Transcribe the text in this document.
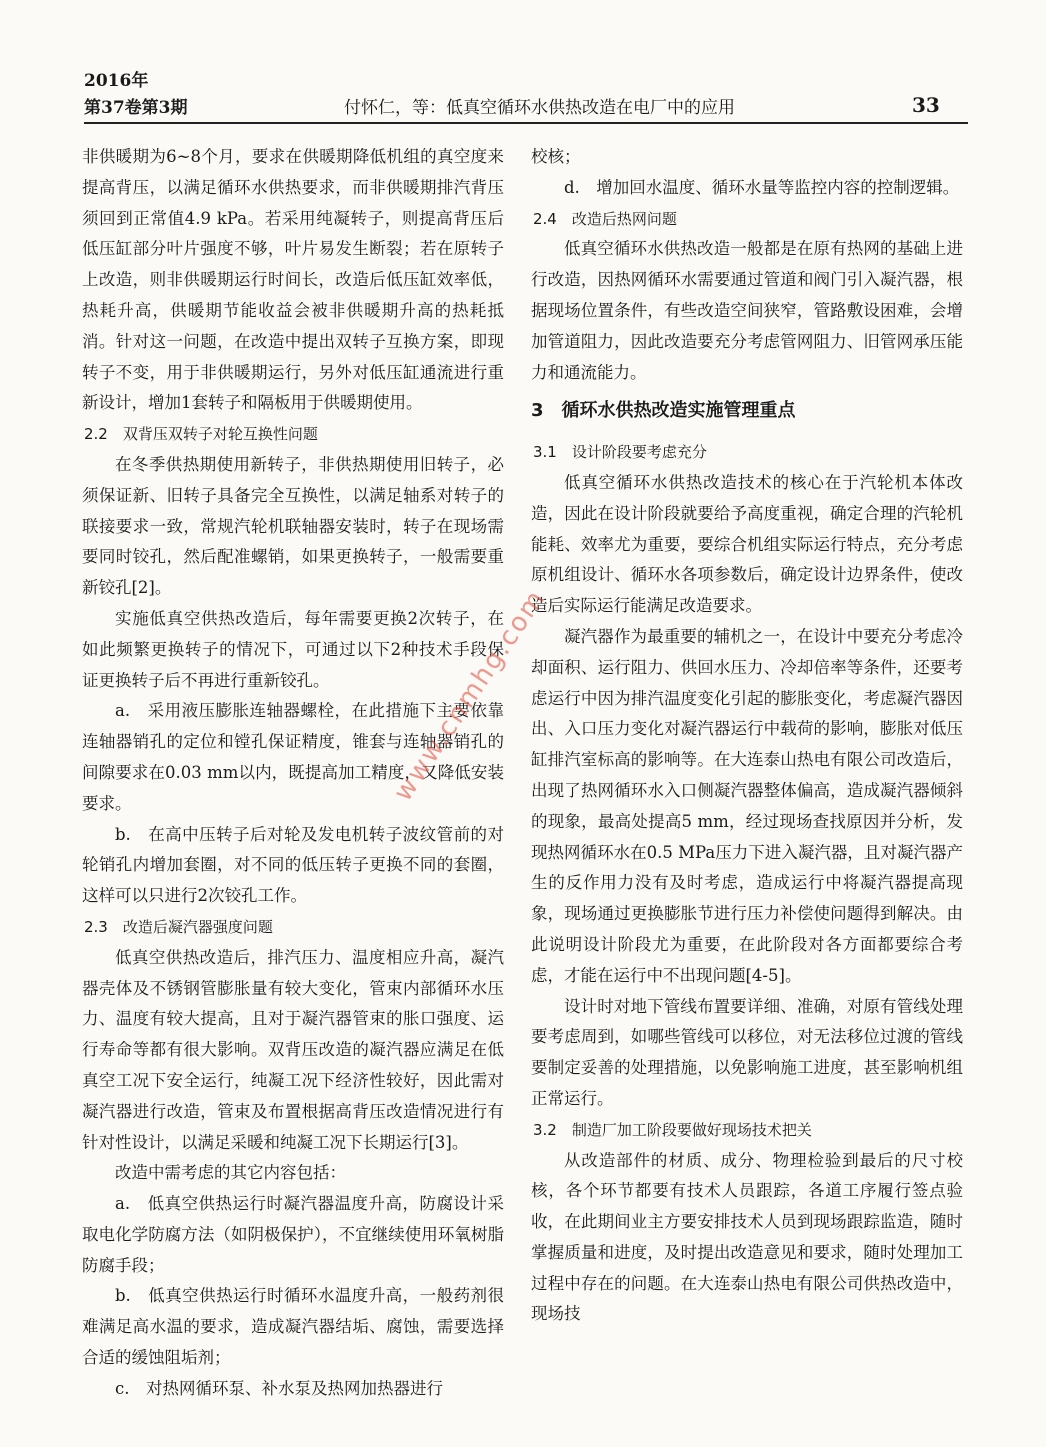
2016年
第37卷第3期	付怀仁，等：低真空循环水供热改造在电厂中的应用	33

非供暖期为6~8个月，要求在供暖期降低机组的真空度来提高背压，以满足循环水供热要求，而非供暖期排汽背压须回到正常值4.9 kPa。若采用纯凝转子，则提高背压后低压缸部分叶片强度不够，叶片易发生断裂；若在原转子上改造，则非供暖期运行时间长，改造后低压缸效率低，热耗升高，供暖期节能收益会被非供暖期升高的热耗抵消。针对这一问题，在改造中提出双转子互换方案，即现转子不变，用于非供暖期运行，另外对低压缸通流进行重新设计，增加1套转子和隔板用于供暖期使用。

2.2　双背压双转子对轮互换性问题

在冬季供热期使用新转子，非供热期使用旧转子，必须保证新、旧转子具备完全互换性，以满足轴系对转子的联接要求一致，常规汽轮机联轴器安装时，转子在现场需要同时铰孔，然后配准螺销，如果更换转子，一般需要重新铰孔[2]。

实施低真空供热改造后，每年需要更换2次转子，在如此频繁更换转子的情况下，可通过以下2种技术手段保证更换转子后不再进行重新铰孔。

a.　采用液压膨胀连轴器螺栓，在此措施下主要依靠连轴器销孔的定位和镗孔保证精度，锥套与连轴器销孔的间隙要求在0.03 mm以内，既提高加工精度，又降低安装要求。

b.　在高中压转子后对轮及发电机转子波纹管前的对轮销孔内增加套圈，对不同的低压转子更换不同的套圈，这样可以只进行2次铰孔工作。

2.3　改造后凝汽器强度问题

低真空供热改造后，排汽压力、温度相应升高，凝汽器壳体及不锈钢管膨胀量有较大变化，管束内部循环水压力、温度有较大提高，且对于凝汽器管束的胀口强度、运行寿命等都有很大影响。双背压改造的凝汽器应满足在低真空工况下安全运行，纯凝工况下经济性较好，因此需对凝汽器进行改造，管束及布置根据高背压改造情况进行有针对性设计，以满足采暖和纯凝工况下长期运行[3]。

改造中需考虑的其它内容包括：

a.　低真空供热运行时凝汽器温度升高，防腐设计采取电化学防腐方法（如阴极保护），不宜继续使用环氧树脂防腐手段；

b.　低真空供热运行时循环水温度升高，一般药剂很难满足高水温的要求，造成凝汽器结垢、腐蚀，需要选择合适的缓蚀阻垢剂；

c.　对热网循环泵、补水泵及热网加热器进行

校核；

d.　增加回水温度、循环水量等监控内容的控制逻辑。

2.4　改造后热网问题

低真空循环水供热改造一般都是在原有热网的基础上进行改造，因热网循环水需要通过管道和阀门引入凝汽器，根据现场位置条件，有些改造空间狭窄，管路敷设困难，会增加管道阻力，因此改造要充分考虑管网阻力、旧管网承压能力和通流能力。

3　循环水供热改造实施管理重点

3.1　设计阶段要考虑充分

低真空循环水供热改造技术的核心在于汽轮机本体改造，因此在设计阶段就要给予高度重视，确定合理的汽轮机能耗、效率尤为重要，要综合机组实际运行特点，充分考虑原机组设计、循环水各项参数后，确定设计边界条件，使改造后实际运行能满足改造要求。

凝汽器作为最重要的辅机之一，在设计中要充分考虑冷却面积、运行阻力、供回水压力、冷却倍率等条件，还要考虑运行中因为排汽温度变化引起的膨胀变化，考虑凝汽器因出、入口压力变化对凝汽器运行中载荷的影响，膨胀对低压缸排汽室标高的影响等。在大连泰山热电有限公司改造后，出现了热网循环水入口侧凝汽器整体偏高，造成凝汽器倾斜的现象，最高处提高5 mm，经过现场查找原因并分析，发现热网循环水在0.5 MPa压力下进入凝汽器，且对凝汽器产生的反作用力没有及时考虑，造成运行中将凝汽器提高现象，现场通过更换膨胀节进行压力补偿使问题得到解决。由此说明设计阶段尤为重要，在此阶段对各方面都要综合考虑，才能在运行中不出现问题[4-5]。

设计时对地下管线布置要详细、准确，对原有管线处理要考虑周到，如哪些管线可以移位，对无法移位过渡的管线要制定妥善的处理措施，以免影响施工进度，甚至影响机组正常运行。

3.2　制造厂加工阶段要做好现场技术把关

从改造部件的材质、成分、物理检验到最后的尺寸校核，各个环节都要有技术人员跟踪，各道工序履行签点验收，在此期间业主方要安排技术人员到现场跟踪监造，随时掌握质量和进度，及时提出改造意见和要求，随时处理加工过程中存在的问题。在大连泰山热电有限公司供热改造中，现场技

www.cnmhg.com
